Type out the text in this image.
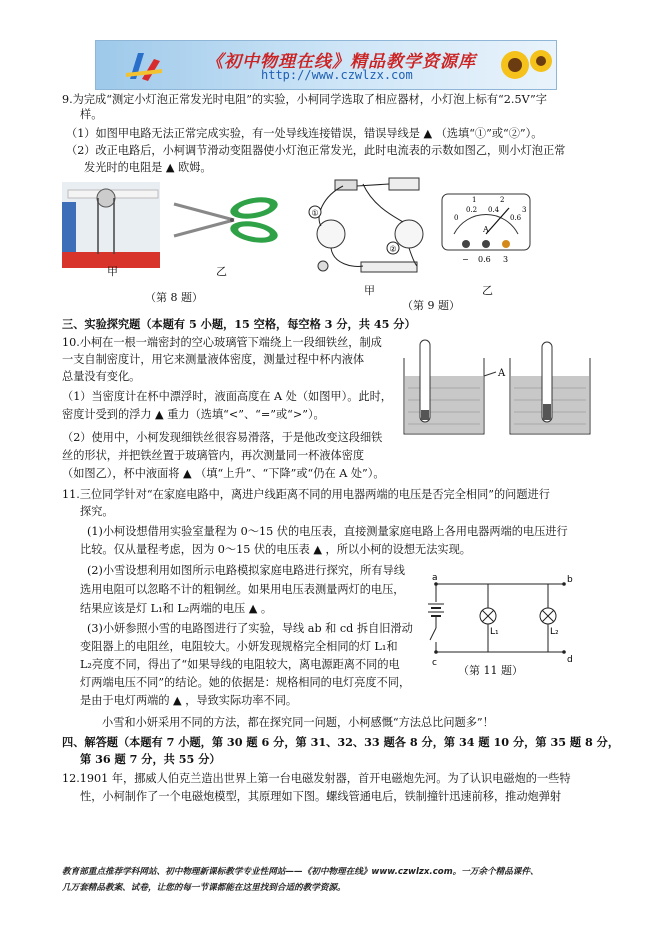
《初中物理在线》精品教学资源库
http://www.czwlzx.com
9.为完成“测定小灯泡正常发光时电阻”的实验，小柯同学选取了相应器材，小灯泡上标有“2.5V”字
样。
（1）如图甲电路无法正常完成实验，有一处导线连接错误，错误导线是 ▲ （选填“①”或“②”）。
（2）改正电路后，小柯调节滑动变阻器使小灯泡正常发光，此时电流表的示数如图乙，则小灯泡正常
发光时的电阻是 ▲ 欧姆。
甲	乙
（第 8 题）
①
②
甲
0
0.2 0.4
0.6
1	2
3
A
− 0.6 3
乙
（第 9 题）
三、实验探究题（本题有 5 小题，15 空格，每空格 3 分，共 45 分）
10.小柯在一根一端密封的空心玻璃管下端绕上一段细铁丝，制成
一支自制密度计，用它来测量液体密度，测量过程中杯内液体
总量没有变化。
（1）当密度计在杯中漂浮时，液面高度在 A 处（如图甲）。此时，
密度计受到的浮力 ▲ 重力（选填“<”、“=”或“>”）。
（2）使用中，小柯发现细铁丝很容易滑落，于是他改变这段细铁
丝的形状，并把铁丝置于玻璃管内，再次测量同一杯液体密度
（如图乙），杯中液面将 ▲ （填“上升”、“下降”或“仍在 A 处”）。
A
11.三位同学针对“在家庭电路中，离进户线距离不同的用电器两端的电压是否完全相同”的问题进行
探究。
(1)小柯设想借用实验室量程为 0～15 伏的电压表，直接测量家庭电路上各用电器两端的电压进行
比较。仅从量程考虑，因为 0～15 伏的电压表 ▲ ，所以小柯的设想无法实现。
(2)小雪设想利用如图所示电路模拟家庭电路进行探究，所有导线
选用电阻可以忽略不计的粗铜丝。如果用电压表测量两灯的电压，
结果应该是灯 L₁和 L₂两端的电压 ▲ 。
(3)小妍参照小雪的电路图进行了实验，导线 ab 和 cd 拆自旧滑动
变阻器上的电阻丝，电阻较大。小妍发现规格完全相同的灯 L₁和
L₂亮度不同，得出了“如果导线的电阻较大，离电源距离不同的电
灯两端电压不同”的结论。她的依据是：规格相同的电灯亮度不同，
是由于电灯两端的 ▲ ，导致实际功率不同。
小雪和小妍采用不同的方法，都在探究同一问题，小柯感慨“方法总比问题多”！
a	b
c	d
L₁	L₂
（第 11 题）
四、解答题（本题有 7 小题，第 30 题 6 分，第 31、32、33 题各 8 分，第 34 题 10 分，第 35 题 8 分，
第 36 题 7 分，共 55 分）
12.1901 年，挪威人伯克兰造出世界上第一台电磁发射器，首开电磁炮先河。为了认识电磁炮的一些特
性，小柯制作了一个电磁炮模型，其原理如下图。螺线管通电后，铁制撞针迅速前移，推动炮弹射
教育部重点推荐学科网站、初中物理新课标教学专业性网站——《初中物理在线》www.czwlzx.com。一万余个精品课件、
几万套精品教案、试卷，让您的每一节课都能在这里找到合适的教学资源。
